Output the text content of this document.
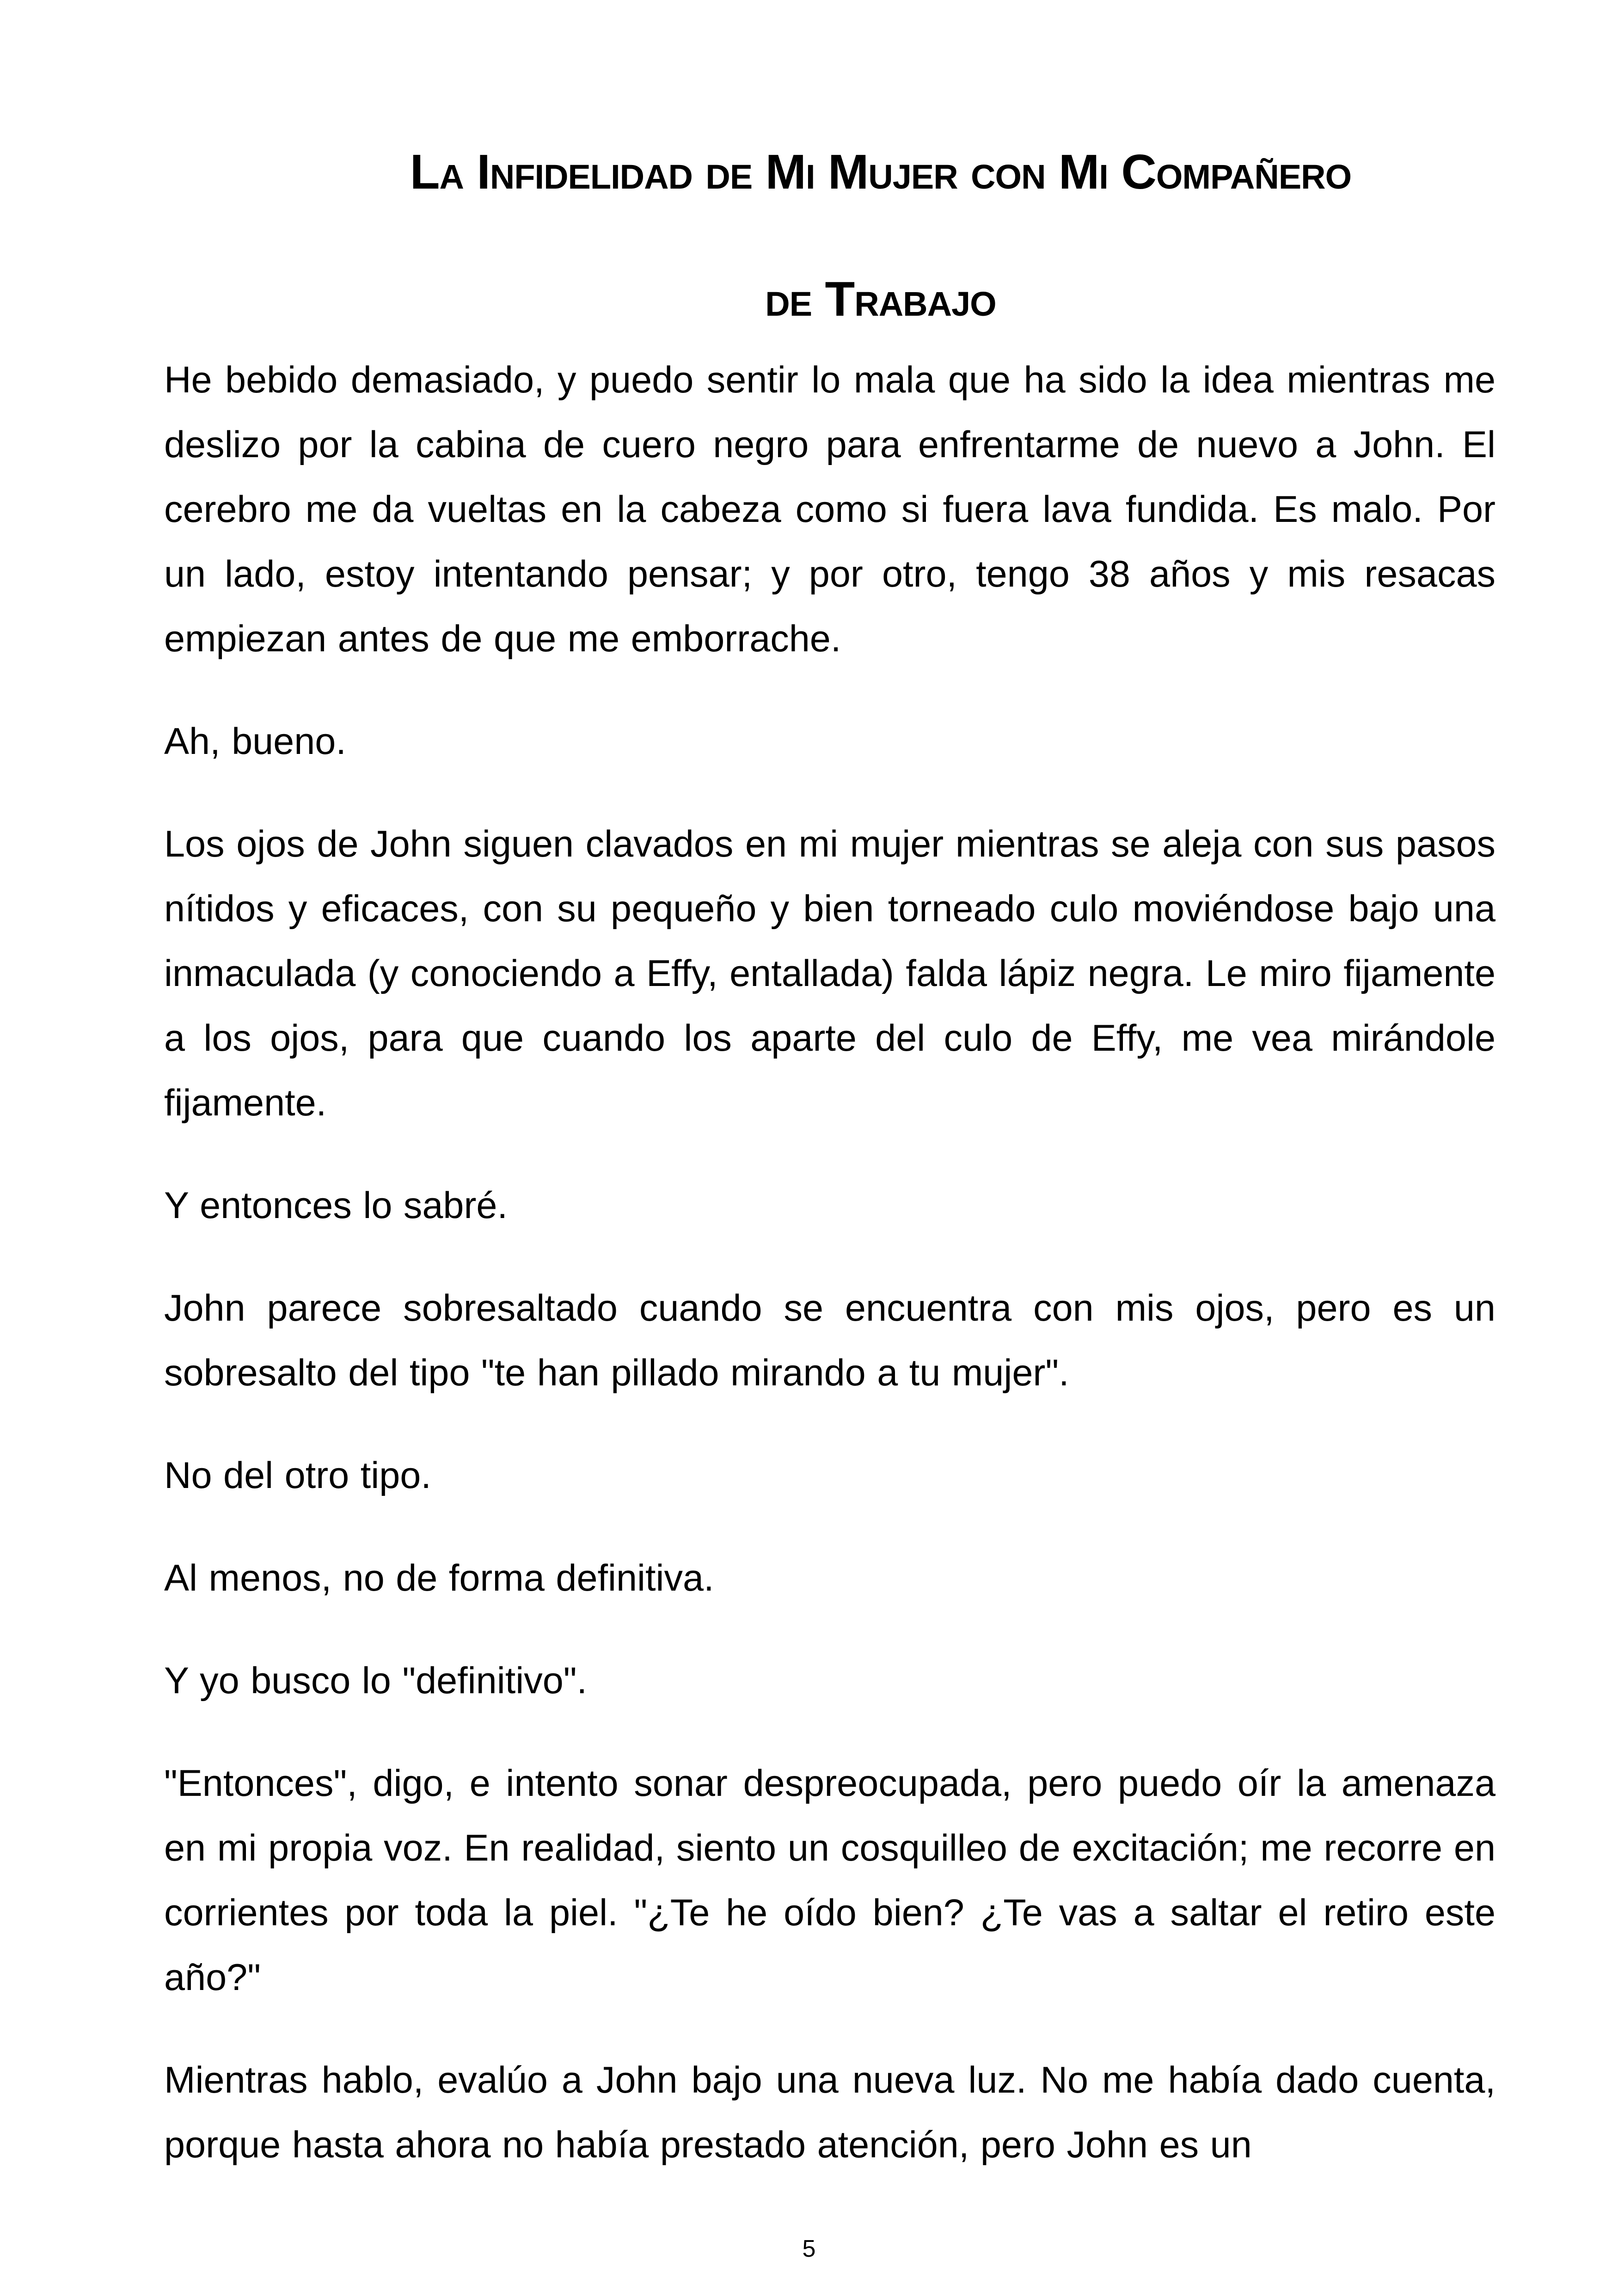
La Infidelidad de Mi Mujer con Mi Compañero
de Trabajo

He bebido demasiado, y puedo sentir lo mala que ha sido la idea mientras me deslizo por la cabina de cuero negro para enfrentarme de nuevo a John. El cerebro me da vueltas en la cabeza como si fuera lava fundida. Es malo. Por un lado, estoy intentando pensar; y por otro, tengo 38 años y mis resacas empiezan antes de que me emborrache.

Ah, bueno.

Los ojos de John siguen clavados en mi mujer mientras se aleja con sus pasos nítidos y eficaces, con su pequeño y bien torneado culo moviéndose bajo una inmaculada (y conociendo a Effy, entallada) falda lápiz negra. Le miro fijamente a los ojos, para que cuando los aparte del culo de Effy, me vea mirándole fijamente.

Y entonces lo sabré.

John parece sobresaltado cuando se encuentra con mis ojos, pero es un sobresalto del tipo "te han pillado mirando a tu mujer".

No del otro tipo.

Al menos, no de forma definitiva.

Y yo busco lo "definitivo".

"Entonces", digo, e intento sonar despreocupada, pero puedo oír la amenaza en mi propia voz. En realidad, siento un cosquilleo de excitación; me recorre en corrientes por toda la piel. "¿Te he oído bien? ¿Te vas a saltar el retiro este año?"

Mientras hablo, evalúo a John bajo una nueva luz. No me había dado cuenta, porque hasta ahora no había prestado atención, pero John es un

5
